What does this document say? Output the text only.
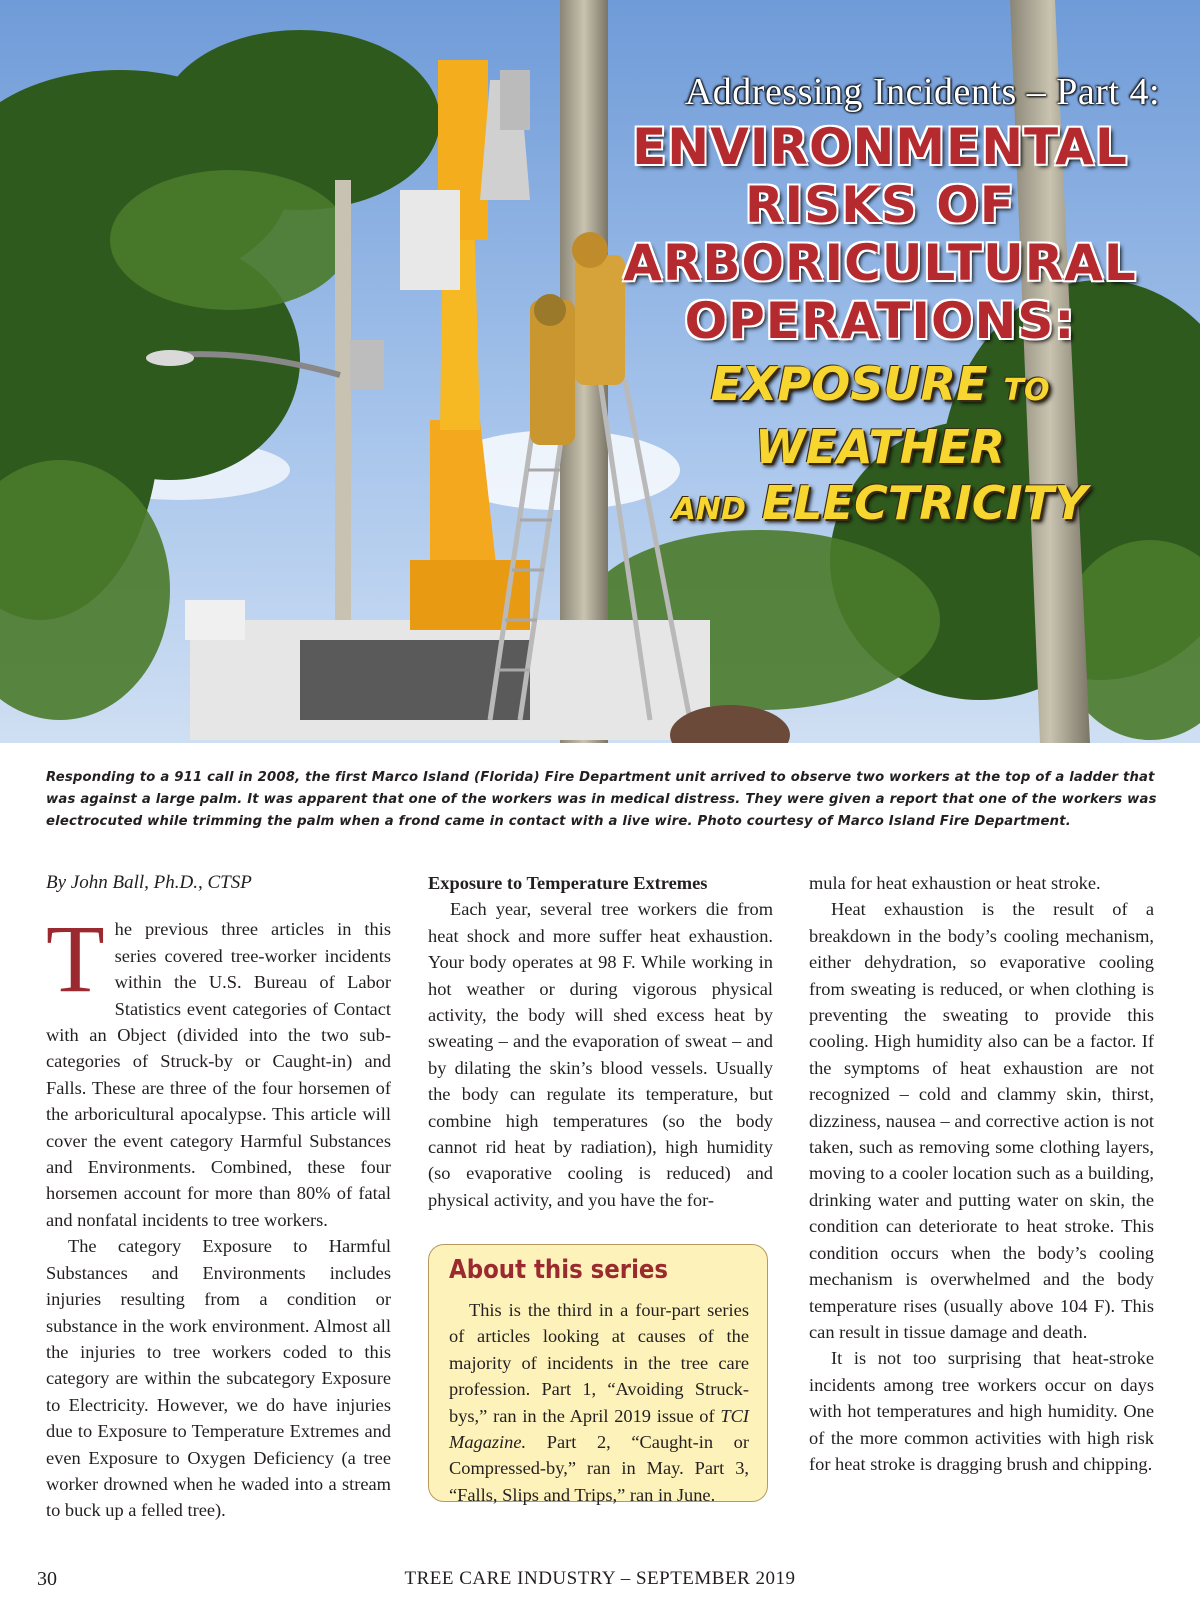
Addressing Incidents – Part 4:
ENVIRONMENTAL
RISKS OF
ARBORICULTURAL
OPERATIONS:
EXPOSURE TO WEATHER
AND ELECTRICITY
Responding to a 911 call in 2008, the first Marco Island (Florida) Fire Department unit arrived to observe two workers at the top of a ladder that was against a large palm. It was apparent that one of the workers was in medical distress. They were given a report that one of the workers was electrocuted while trimming the palm when a frond came in contact with a live wire. Photo courtesy of Marco Island Fire Department.

By John Ball, Ph.D., CTSP

The previous three articles in this series covered tree-worker incidents within the U.S. Bureau of Labor Statistics event categories of Contact with an Object (divided into the two sub-categories of Struck-by or Caught-in) and Falls. These are three of the four horsemen of the arboricultural apocalypse. This article will cover the event category Harmful Substances and Environments. Combined, these four horsemen account for more than 80% of fatal and nonfatal incidents to tree workers.

The category Exposure to Harmful Substances and Environments includes injuries resulting from a condition or substance in the work environment. Almost all the injuries to tree workers coded to this category are within the subcategory Exposure to Electricity. However, we do have injuries due to Exposure to Temperature Extremes and even Exposure to Oxygen Deficiency (a tree worker drowned when he waded into a stream to buck up a felled tree).

Exposure to Temperature Extremes

Each year, several tree workers die from heat shock and more suffer heat exhaustion. Your body operates at 98 F. While working in hot weather or during vigorous physical activity, the body will shed excess heat by sweating – and the evaporation of sweat – and by dilating the skin’s blood vessels. Usually the body can regulate its temperature, but combine high temperatures (so the body cannot rid heat by radiation), high humidity (so evaporative cooling is reduced) and physical activity, and you have the for-

About this series

This is the third in a four-part series of articles looking at causes of the majority of incidents in the tree care profession. Part 1, “Avoiding Struck-bys,” ran in the April 2019 issue of TCI Magazine. Part 2, “Caught-in or Compressed-by,” ran in May. Part 3, “Falls, Slips and Trips,” ran in June.

mula for heat exhaustion or heat stroke.

Heat exhaustion is the result of a breakdown in the body’s cooling mechanism, either dehydration, so evaporative cooling from sweating is reduced, or when clothing is preventing the sweating to provide this cooling. High humidity also can be a factor. If the symptoms of heat exhaustion are not recognized – cold and clammy skin, thirst, dizziness, nausea – and corrective action is not taken, such as removing some clothing layers, moving to a cooler location such as a building, drinking water and putting water on skin, the condition can deteriorate to heat stroke. This condition occurs when the body’s cooling mechanism is overwhelmed and the body temperature rises (usually above 104 F). This can result in tissue damage and death.

It is not too surprising that heat-stroke incidents among tree workers occur on days with hot temperatures and high humidity. One of the more common activities with high risk for heat stroke is dragging brush and chipping.

30	TREE CARE INDUSTRY – SEPTEMBER 2019
